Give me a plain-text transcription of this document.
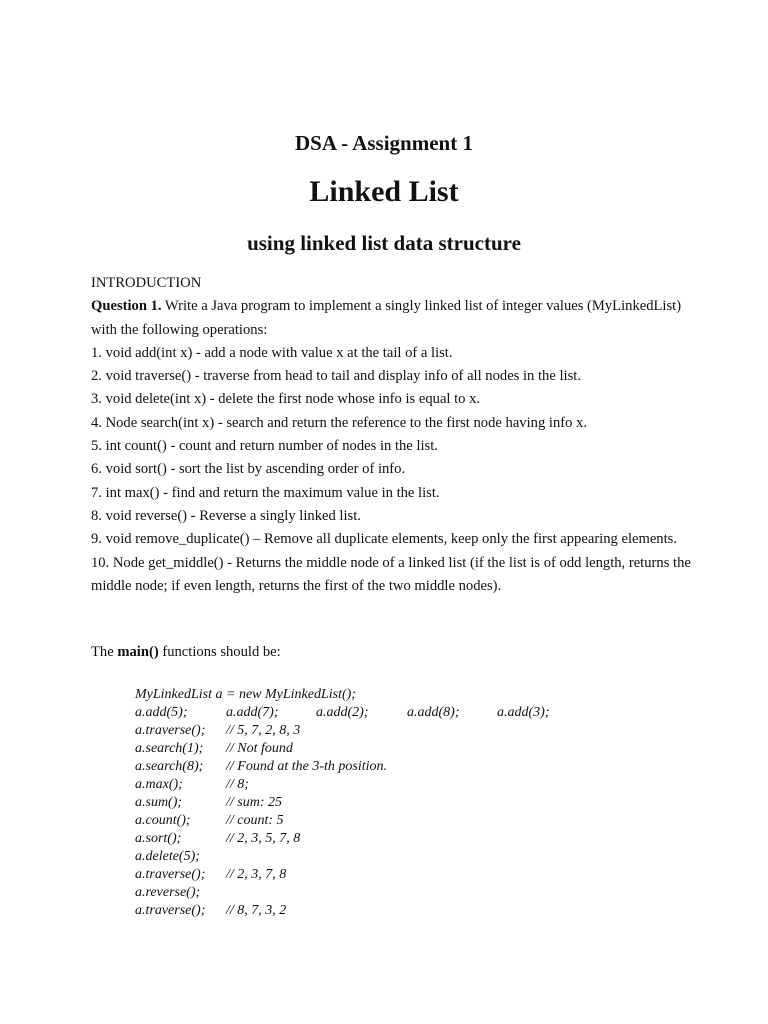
DSA - Assignment 1
Linked List
using linked list data structure
INTRODUCTION

Question 1. Write a Java program to implement a singly linked list of integer values (MyLinkedList) with the following operations:

1. void add(int x) - add a node with value x at the tail of a list.
2. void traverse() - traverse from head to tail and display info of all nodes in the list.
3. void delete(int x) - delete the first node whose info is equal to x.
4. Node search(int x) - search and return the reference to the first node having info x.
5. int count() - count and return number of nodes in the list.
6. void sort() - sort the list by ascending order of info.
7. int max() - find and return the maximum value in the list.
8. void reverse() - Reverse a singly linked list.
9. void remove_duplicate() – Remove all duplicate elements, keep only the first appearing elements.
10. Node get_middle() - Returns the middle node of a linked list (if the list is of odd length, returns the middle node; if even length, returns the first of the two middle nodes).
The main() functions should be:
MyLinkedList a = new MyLinkedList();
a.add(5);	a.add(7);	a.add(2);	a.add(8);	a.add(3);
a.traverse(); // 5, 7, 2, 8, 3
a.search(1); // Not found
a.search(8); // Found at the 3-th position.
a.max();	// 8;
a.sum();	// sum: 25
a.count();	// count: 5
a.sort();	// 2, 3, 5, 7, 8
a.delete(5);
a.traverse(); // 2, 3, 7, 8
a.reverse();
a.traverse(); // 8, 7, 3, 2
